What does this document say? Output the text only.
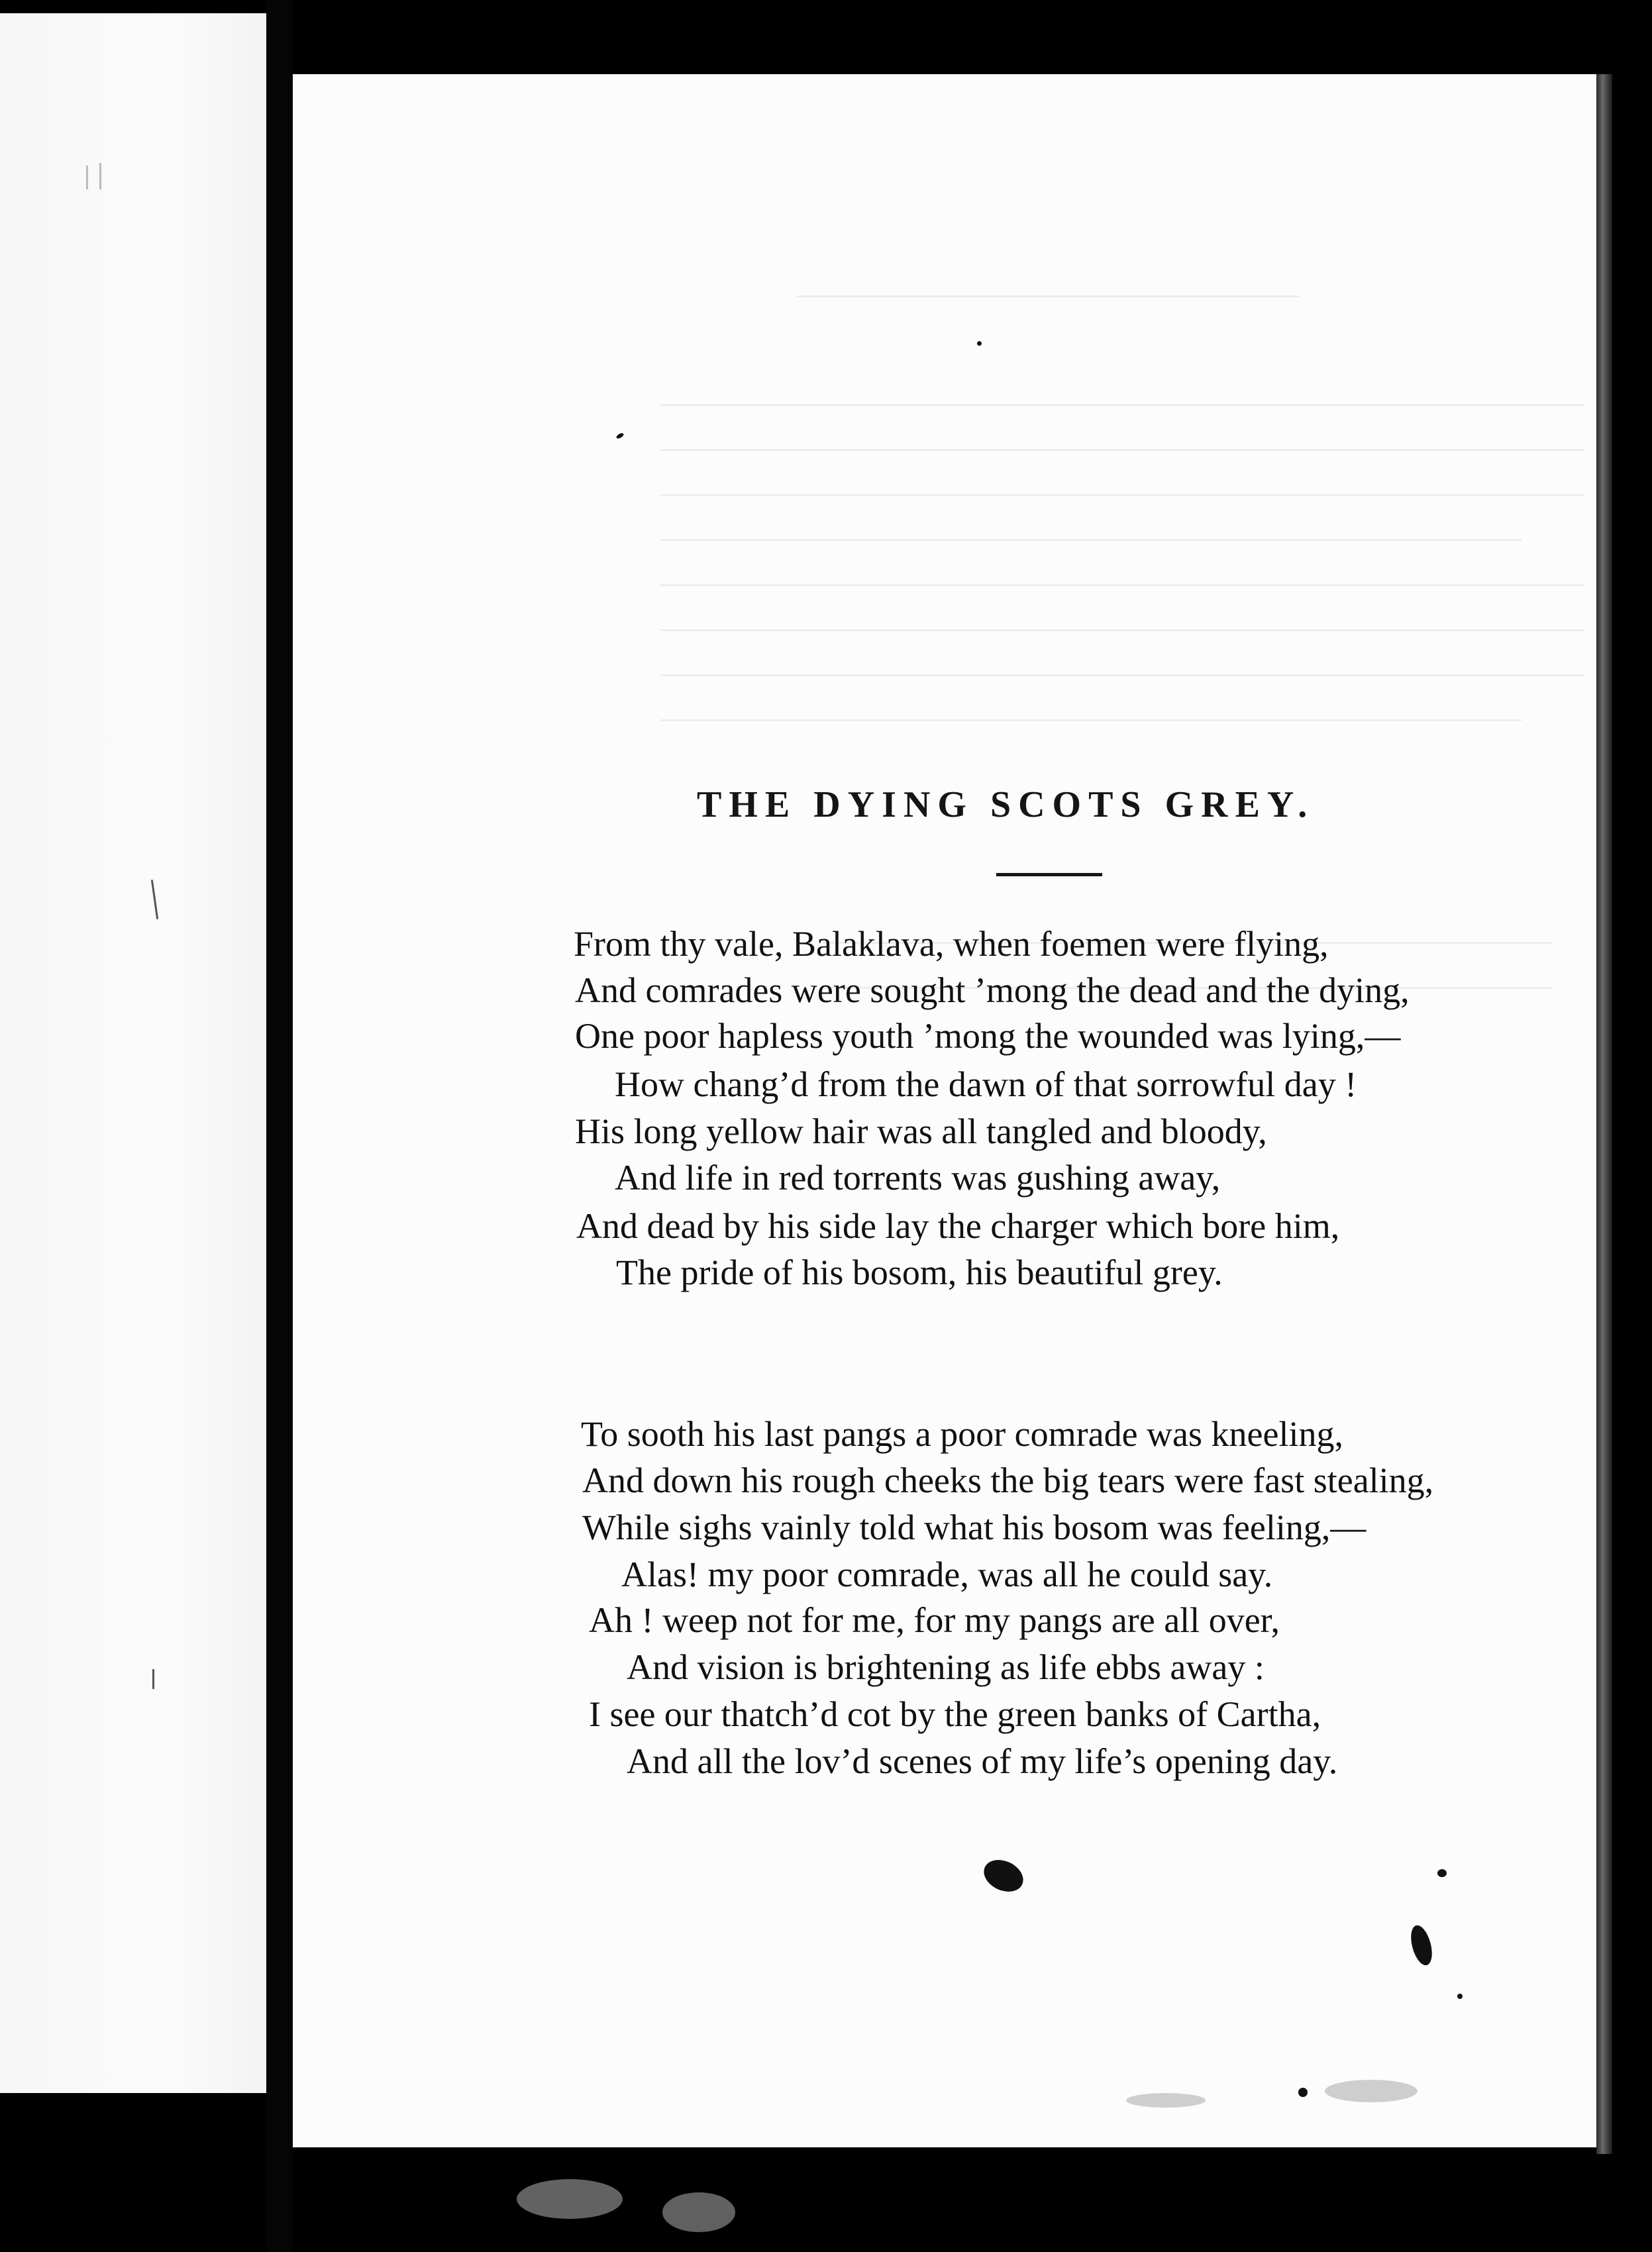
THE DYING SCOTS GREY.
From thy vale, Balaklava, when foemen were flying,
And comrades were sought ’mong the dead and the dying,
One poor hapless youth ’mong the wounded was lying,—
How chang’d from the dawn of that sorrowful day !
His long yellow hair was all tangled and bloody,
And life in red torrents was gushing away,
And dead by his side lay the charger which bore him,
The pride of his bosom, his beautiful grey.
To sooth his last pangs a poor comrade was kneeling,
And down his rough cheeks the big tears were fast stealing,
While sighs vainly told what his bosom was feeling,—
Alas! my poor comrade, was all he could say.
Ah ! weep not for me, for my pangs are all over,
And vision is brightening as life ebbs away :
I see our thatch’d cot by the green banks of Cartha,
And all the lov’d scenes of my life’s opening day.
